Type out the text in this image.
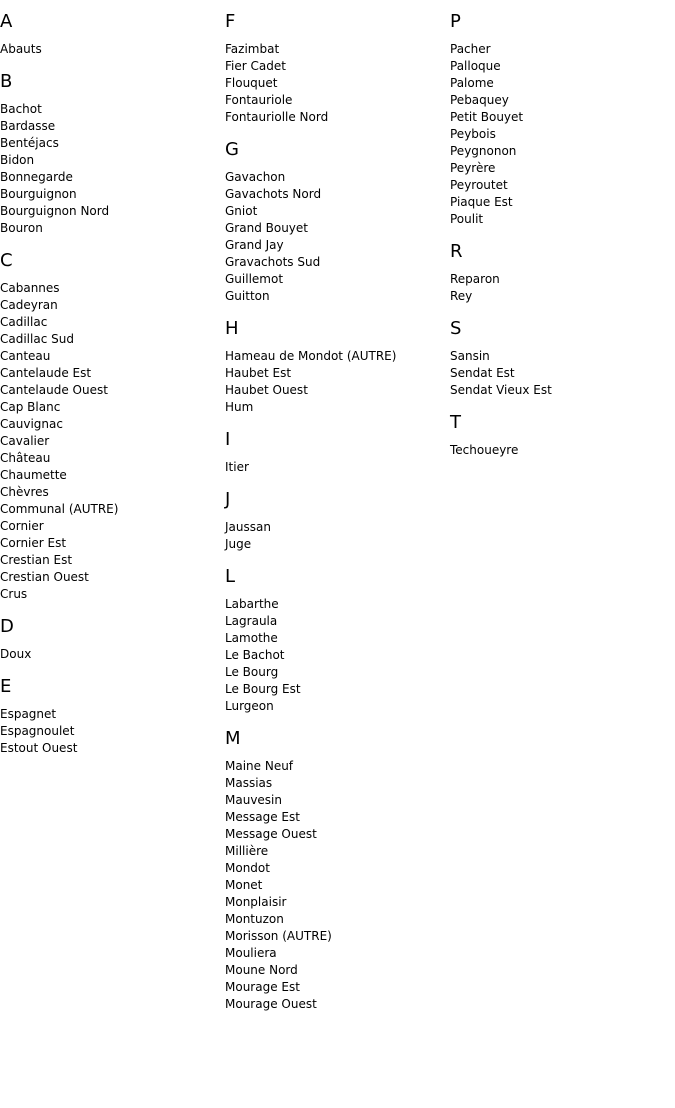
A
Abauts
B
Bachot
Bardasse
Bentéjacs
Bidon
Bonnegarde
Bourguignon
Bourguignon Nord
Bouron
C
Cabannes
Cadeyran
Cadillac
Cadillac Sud
Canteau
Cantelaude Est
Cantelaude Ouest
Cap Blanc
Cauvignac
Cavalier
Château
Chaumette
Chèvres
Communal (AUTRE)
Cornier
Cornier Est
Crestian Est
Crestian Ouest
Crus
D
Doux
E
Espagnet
Espagnoulet
Estout Ouest
F
Fazimbat
Fier Cadet
Flouquet
Fontauriole
Fontauriolle Nord
G
Gavachon
Gavachots Nord
Gniot
Grand Bouyet
Grand Jay
Gravachots Sud
Guillemot
Guitton
H
Hameau de Mondot (AUTRE)
Haubet Est
Haubet Ouest
Hum
I
Itier
J
Jaussan
Juge
L
Labarthe
Lagraula
Lamothe
Le Bachot
Le Bourg
Le Bourg Est
Lurgeon
M
Maine Neuf
Massias
Mauvesin
Message Est
Message Ouest
Millière
Mondot
Monet
Monplaisir
Montuzon
Morisson (AUTRE)
Mouliera
Moune Nord
Mourage Est
Mourage Ouest
P
Pacher
Palloque
Palome
Pebaquey
Petit Bouyet
Peybois
Peygnonon
Peyrère
Peyroutet
Piaque Est
Poulit
R
Reparon
Rey
S
Sansin
Sendat Est
Sendat Vieux Est
T
Techoueyre
